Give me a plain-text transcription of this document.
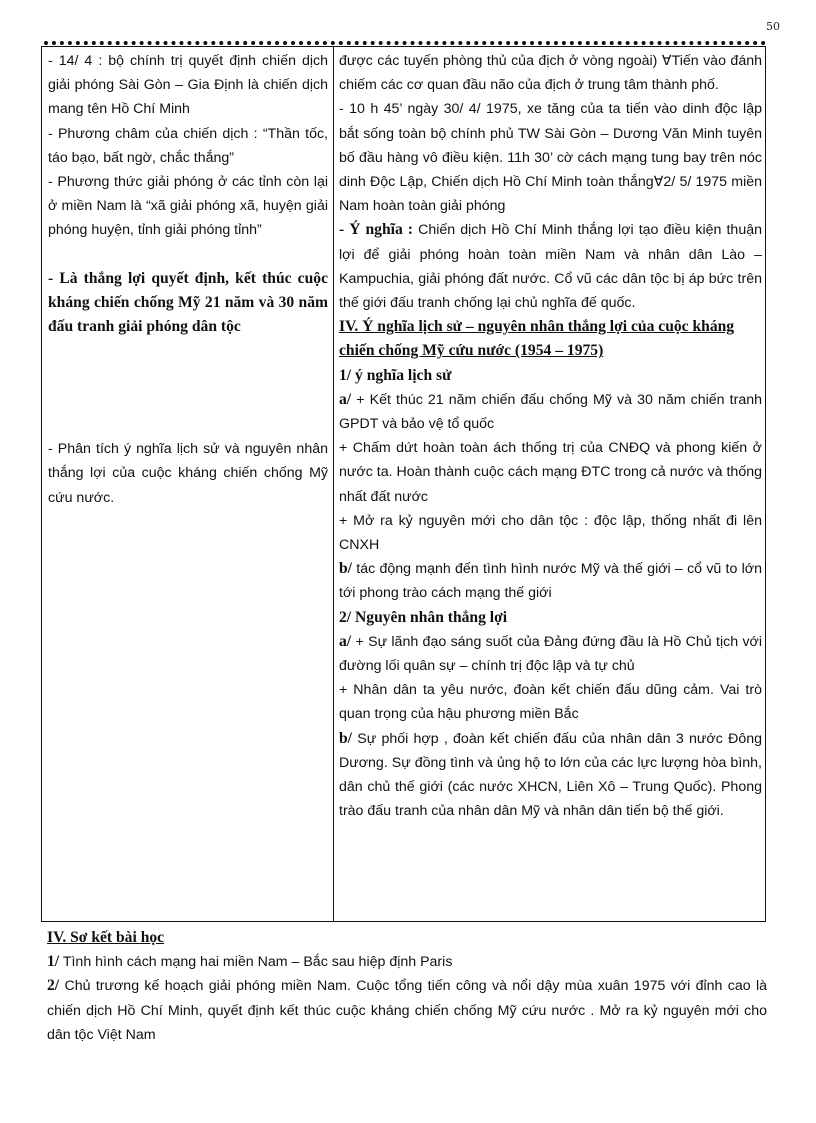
50

- 14/ 4 : bộ chính trị quyết định chiến dịch giải phóng Sài Gòn – Gia Định là chiến dịch mang tên Hồ Chí Minh

- Phương châm của chiến dịch : “Thần tốc, táo bạo, bất ngờ, chắc thắng”

- Phương thức giải phóng ở các tỉnh còn lại ở miền Nam là “xã giải phóng xã, huyện giải phóng huyện, tỉnh giải phóng tỉnh”

- Là thắng lợi quyết định, kết thúc cuộc kháng chiến chống Mỹ 21 năm và 30 năm đấu tranh giải phóng dân tộc

- Phân tích ý nghĩa lịch sử và nguyên nhân thắng lợi của cuộc kháng chiến chống Mỹ cứu nước.

được các tuyến phòng thủ của địch ở vòng ngoài) ∀Tiến vào đánh chiếm các cơ quan đầu não của địch ở trung tâm thành phố.

- 10 h 45’ ngày 30/ 4/ 1975, xe tăng của ta tiến vào dinh độc lập bắt sống toàn bộ chính phủ TW Sài Gòn – Dương Văn Minh tuyên bố đầu hàng vô điều kiện. 11h 30’ cờ cách mạng tung bay trên nóc dinh Độc Lập, Chiến dịch Hồ Chí Minh toàn thắng∀2/ 5/ 1975 miền Nam hoàn toàn giải phóng

- Ý nghĩa : Chiến dịch Hồ Chí Minh thắng lợi tạo điều kiện thuận lợi để giải phóng hoàn toàn miền Nam và nhân dân Lào – Kampuchia, giải phóng đất nước. Cổ vũ các dân tộc bị áp bức trên thế giới đấu tranh chống lại chủ nghĩa đế quốc.

IV. Ý nghĩa lịch sử – nguyên nhân thắng lợi của cuộc kháng chiến chống Mỹ cứu nước (1954 – 1975)

1/ ý nghĩa lịch sử

a/ + Kết thúc 21 năm chiến đấu chống Mỹ và 30 năm chiến tranh GPDT và bảo vệ tổ quốc

+ Chấm dứt hoàn toàn ách thống trị của CNĐQ và phong kiến ở nước ta. Hoàn thành cuộc cách mạng ĐTC trong cả nước và thống nhất đất nước

+ Mở ra kỷ nguyên mới cho dân tộc : độc lập, thống nhất đi lên CNXH

b/ tác động mạnh đến tình hình nước Mỹ và thế giới – cổ vũ to lớn tới phong trào cách mạng thế giới

2/ Nguyên nhân thắng lợi

a/ + Sự lãnh đạo sáng suốt của Đảng đứng đầu là Hồ Chủ tịch với đường lối quân sự – chính trị độc lập và tự chủ

+ Nhân dân ta yêu nước, đoàn kết chiến đấu dũng cảm. Vai trò quan trọng của hậu phương miền Bắc

b/ Sự phối hợp , đoàn kết chiến đấu của nhân dân 3 nước Đông Dương. Sự đồng tình và ủng hộ to lớn của các lực lượng hòa bình, dân chủ thế giới (các nước XHCN, Liên Xô – Trung Quốc). Phong trào đấu tranh của nhân dân Mỹ và nhân dân tiến bộ thế giới.

IV. Sơ kết bài học

1/ Tình hình cách mạng hai miền Nam – Bắc sau hiệp định Paris

2/ Chủ trương kế hoạch giải phóng miền Nam. Cuộc tổng tiến công và nổi dậy mùa xuân 1975 với đỉnh cao là chiến dịch Hồ Chí Minh, quyết định kết thúc cuộc kháng chiến chống Mỹ cứu nước . Mở ra kỷ nguyên mới cho dân tộc Việt Nam
